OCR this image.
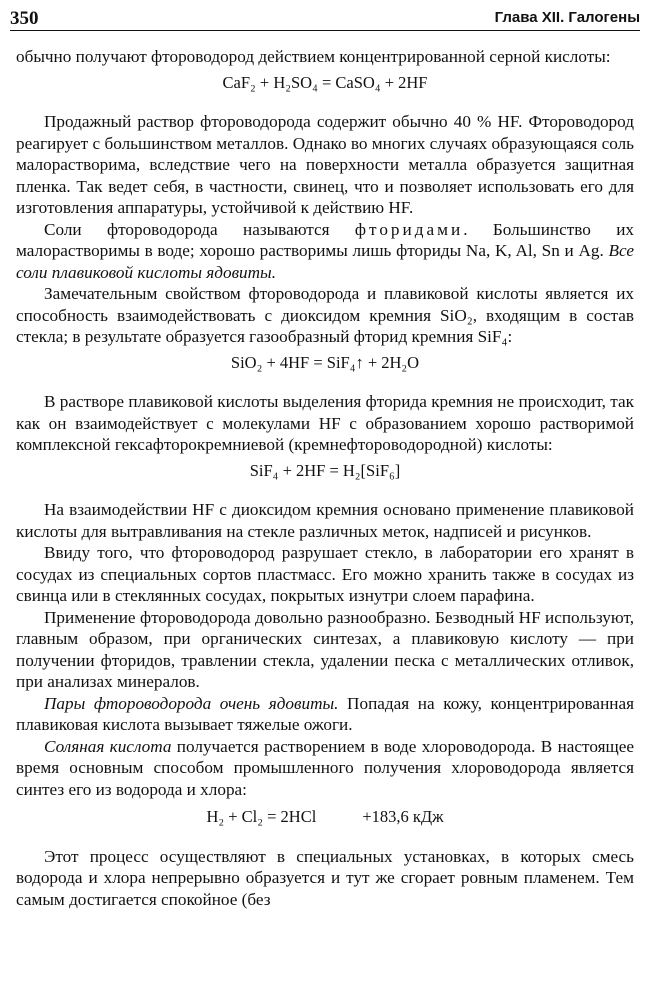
350	Глава XII. Галогены

обычно получают фтороводород действием концентрированной серной кислоты:

CaF₂ + H₂SO₄ = CaSO₄ + 2HF

Продажный раствор фтороводорода содержит обычно 40 % HF. Фтороводород реагирует с большинством металлов. Однако во многих случаях образующаяся соль малорастворима, вследствие чего на поверхности металла образуется защитная пленка. Так ведет себя, в частности, свинец, что и позволяет использовать его для изготовления аппаратуры, устойчивой к действию HF.

Соли фтороводорода называются фторидами. Большинство их малорастворимы в воде; хорошо растворимы лишь фториды Na, K, Al, Sn и Ag. Все соли плавиковой кислоты ядовиты.

Замечательным свойством фтороводорода и плавиковой кислоты является их способность взаимодействовать с диоксидом кремния SiO₂, входящим в состав стекла; в результате образуется газообразный фторид кремния SiF₄:

SiO₂ + 4HF = SiF₄↑ + 2H₂O

В растворе плавиковой кислоты выделения фторида кремния не происходит, так как он взаимодействует с молекулами HF с образованием хорошо растворимой комплексной гексафторокремниевой (кремнефтороводородной) кислоты:

SiF₄ + 2HF = H₂[SiF₆]

На взаимодействии HF с диоксидом кремния основано применение плавиковой кислоты для вытравливания на стекле различных меток, надписей и рисунков.

Ввиду того, что фтороводород разрушает стекло, в лаборатории его хранят в сосудах из специальных сортов пластмасс. Его можно хранить также в сосудах из свинца или в стеклянных сосудах, покрытых изнутри слоем парафина.

Применение фтороводорода довольно разнообразно. Безводный HF используют, главным образом, при органических синтезах, а плавиковую кислоту — при получении фторидов, травлении стекла, удалении песка с металлических отливок, при анализах минералов.

Пары фтороводорода очень ядовиты. Попадая на кожу, концентрированная плавиковая кислота вызывает тяжелые ожоги.

Соляная кислота получается растворением в воде хлороводорода. В настоящее время основным способом промышленного получения хлороводорода является синтез его из водорода и хлора:

H₂ + Cl₂ = 2HCl	+183,6 кДж

Этот процесс осуществляют в специальных установках, в которых смесь водорода и хлора непрерывно образуется и тут же сгорает ровным пламенем. Тем самым достигается спокойное (без
